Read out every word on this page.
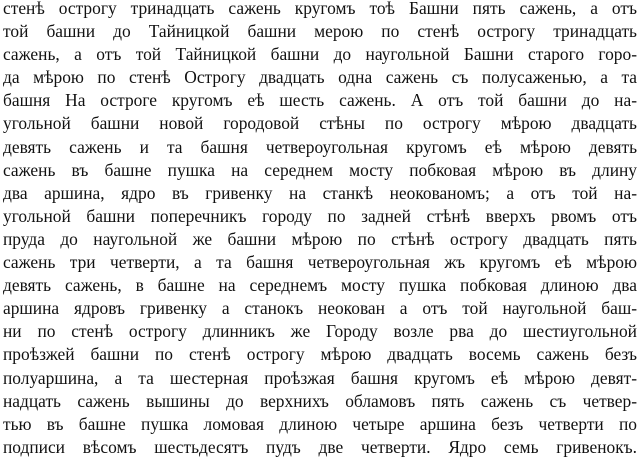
стенѣ острогу тринадцать сажень кругомъ тоѣ Башни пять сажень, а отъ
той башни до Тайницкой башни мерою по стенѣ острогу тринадцать
сажень, а отъ той Тайницкой башни до наугольной Башни старого горо-
да мѣрою по стенѣ Острогу двадцать одна сажень съ полусаженью, а та
башня На остроге кругомъ еѣ шесть сажень. А отъ той башни до на-
угольной башни новой городовой стѣны по острогу мѣрою двадцать
девять сажень и та башня четвероугольная кругомъ еѣ мѣрою девять
сажень въ башне пушка на середнем мосту побковая мѣрою въ длину
два аршина, ядро въ гривенку на станкѣ неокованомъ; а отъ той на-
угольной башни поперечникъ городу по задней стѣнѣ вверхъ рвомъ отъ
пруда до наугольной же башни мѣрою по стѣнѣ острогу двадцать пять
сажень три четверти, а та башня четвероугольная жъ кругомъ еѣ мѣрою
девять сажень, в башне на середнемъ мосту пушка побковая длиною два
аршина ядровъ гривенку а станокъ неокован а отъ той наугольной баш-
ни по стенѣ острогу длинникъ же Городу возле рва до шестиугольной
проѣзжей башни по стенѣ острогу мѣрою двадцать восемь сажень безъ
полуаршина, а та шестерная проѣзжая башня кругомъ еѣ мѣрою девят-
надцать сажень вышины до верхнихъ обламовъ пять сажень съ четвер-
тью въ башне пушка ломовая длиною четыре аршина безъ четверти по
подписи вѣсомъ шестьдесятъ пудъ две четверти. Ядро семь гривенокъ.
